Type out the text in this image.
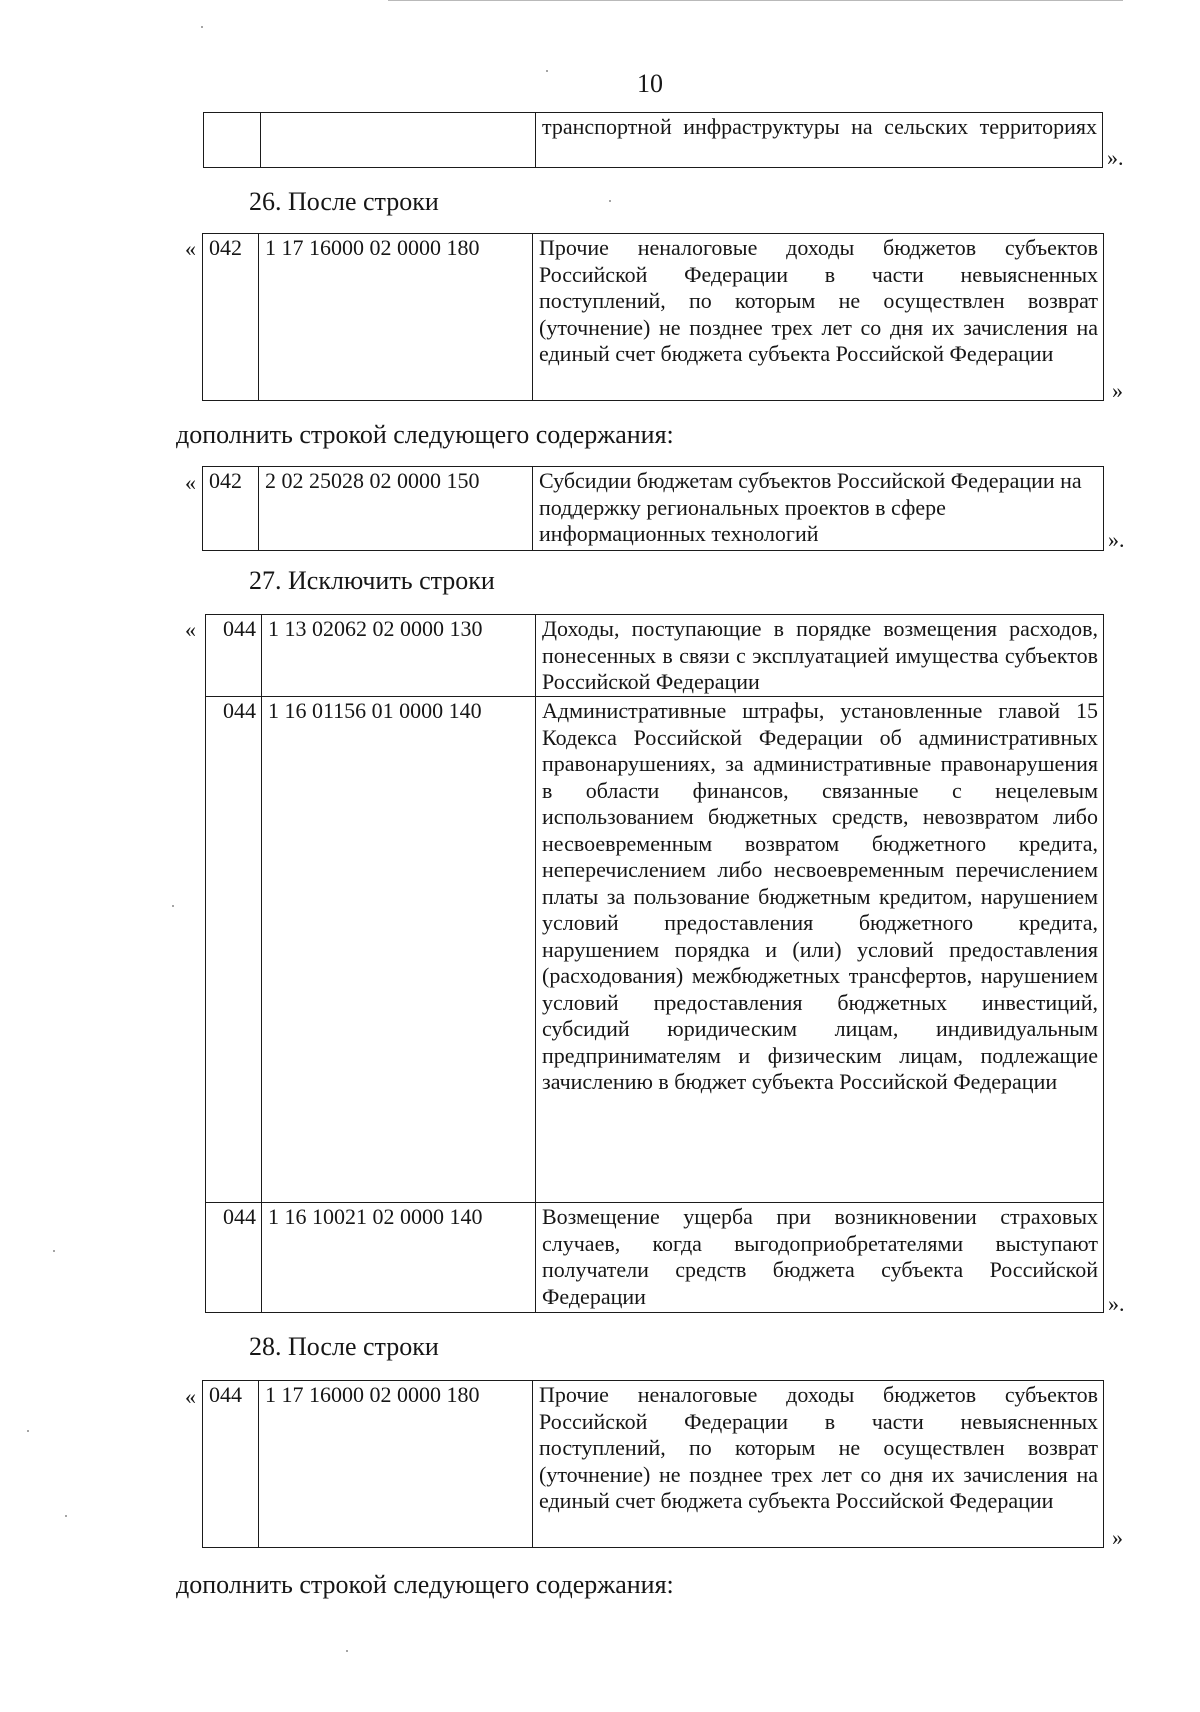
10
		транспортной инфраструктуры на сельских территориях
».
26. После строки
« 042	1 17 16000 02 0000 180	Прочие неналоговые доходы бюджетов субъектов Российской Федерации в части невыясненных поступлений, по которым не осуществлен возврат (уточнение) не позднее трех лет со дня их зачисления на единый счет бюджета субъекта Российской Федерации
»
дополнить строкой следующего содержания:
« 042	2 02 25028 02 0000 150	Субсидии бюджетам субъектов Российской Федерации на поддержку региональных проектов в сфере информационных технологий	».
27. Исключить строки
« 044	1 13 02062 02 0000 130	Доходы, поступающие в порядке возмещения расходов, понесенных в связи с эксплуатацией имущества субъектов Российской Федерации
044	1 16 01156 01 0000 140	Административные штрафы, установленные главой 15 Кодекса Российской Федерации об административных правонарушениях, за административные правонарушения в области финансов, связанные с нецелевым использованием бюджетных средств, невозвратом либо несвоевременным возвратом бюджетного кредита, неперечислением либо несвоевременным перечислением платы за пользование бюджетным кредитом, нарушением условий предоставления бюджетного кредита, нарушением порядка и (или) условий предоставления (расходования) межбюджетных трансфертов, нарушением условий предоставления бюджетных инвестиций, субсидий юридическим лицам, индивидуальным предпринимателям и физическим лицам, подлежащие зачислению в бюджет субъекта Российской Федерации
044	1 16 10021 02 0000 140	Возмещение ущерба при возникновении страховых случаев, когда выгодоприобретателями выступают получатели средств бюджета субъекта Российской Федерации	».
28. После строки
« 044	1 17 16000 02 0000 180	Прочие неналоговые доходы бюджетов субъектов Российской Федерации в части невыясненных поступлений, по которым не осуществлен возврат (уточнение) не позднее трех лет со дня их зачисления на единый счет бюджета субъекта Российской Федерации
»
дополнить строкой следующего содержания:
